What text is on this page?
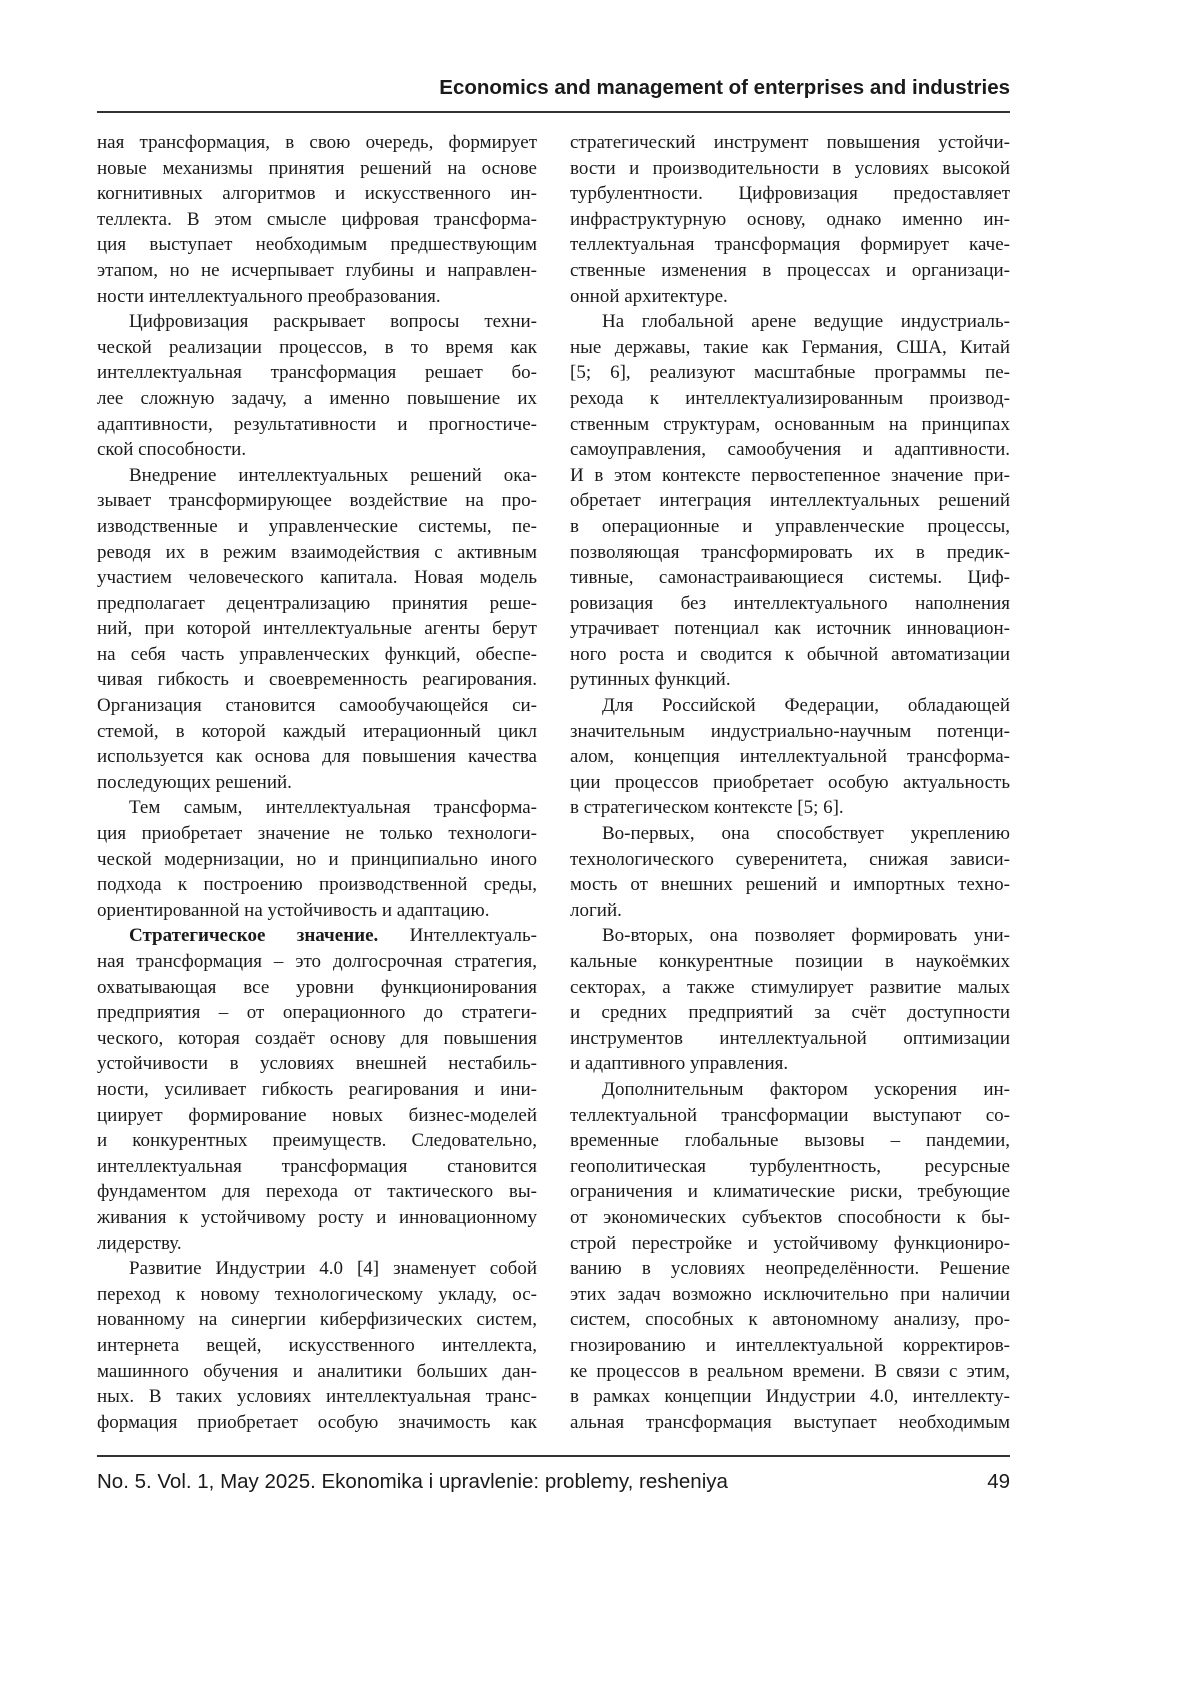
Economics and management of enterprises and industries
ная трансформация, в свою очередь, формирует
новые механизмы принятия решений на основе
когнитивных алгоритмов и искусственного ин-
теллекта. В этом смысле цифровая трансформа-
ция выступает необходимым предшествующим
этапом, но не исчерпывает глубины и направлен-
ности интеллектуального преобразования.
Цифровизация раскрывает вопросы техни-
ческой реализации процессов, в то время как
интеллектуальная трансформация решает бо-
лее сложную задачу, а именно повышение их
адаптивности, результативности и прогностиче-
ской способности.
Внедрение интеллектуальных решений ока-
зывает трансформирующее воздействие на про-
изводственные и управленческие системы, пе-
реводя их в режим взаимодействия с активным
участием человеческого капитала. Новая модель
предполагает децентрализацию принятия реше-
ний, при которой интеллектуальные агенты берут
на себя часть управленческих функций, обеспе-
чивая гибкость и своевременность реагирования.
Организация становится самообучающейся си-
стемой, в которой каждый итерационный цикл
используется как основа для повышения качества
последующих решений.
Тем самым, интеллектуальная трансформа-
ция приобретает значение не только технологи-
ческой модернизации, но и принципиально иного
подхода к построению производственной среды,
ориентированной на устойчивость и адаптацию.
Стратегическое значение. Интеллектуаль-
ная трансформация – это долгосрочная стратегия,
охватывающая все уровни функционирования
предприятия – от операционного до стратеги-
ческого, которая создаёт основу для повышения
устойчивости в условиях внешней нестабиль-
ности, усиливает гибкость реагирования и ини-
циирует формирование новых бизнес-моделей
и конкурентных преимуществ. Следовательно,
интеллектуальная трансформация становится
фундаментом для перехода от тактического вы-
живания к устойчивому росту и инновационному
лидерству.
Развитие Индустрии 4.0 [4] знаменует собой
переход к новому технологическому укладу, ос-
нованному на синергии киберфизических систем,
интернета вещей, искусственного интеллекта,
машинного обучения и аналитики больших дан-
ных. В таких условиях интеллектуальная транс-
формация приобретает особую значимость как
стратегический инструмент повышения устойчи-
вости и производительности в условиях высокой
турбулентности. Цифровизация предоставляет
инфраструктурную основу, однако именно ин-
теллектуальная трансформация формирует каче-
ственные изменения в процессах и организаци-
онной архитектуре.
На глобальной арене ведущие индустриаль-
ные державы, такие как Германия, США, Китай
[5; 6], реализуют масштабные программы пе-
рехода к интеллектуализированным производ-
ственным структурам, основанным на принципах
самоуправления, самообучения и адаптивности.
И в этом контексте первостепенное значение при-
обретает интеграция интеллектуальных решений
в операционные и управленческие процессы,
позволяющая трансформировать их в предик-
тивные, самонастраивающиеся системы. Циф-
ровизация без интеллектуального наполнения
утрачивает потенциал как источник инновацион-
ного роста и сводится к обычной автоматизации
рутинных функций.
Для Российской Федерации, обладающей
значительным индустриально-научным потенци-
алом, концепция интеллектуальной трансформа-
ции процессов приобретает особую актуальность
в стратегическом контексте [5; 6].
Во-первых, она способствует укреплению
технологического суверенитета, снижая зависи-
мость от внешних решений и импортных техно-
логий.
Во-вторых, она позволяет формировать уни-
кальные конкурентные позиции в наукоёмких
секторах, а также стимулирует развитие малых
и средних предприятий за счёт доступности
инструментов интеллектуальной оптимизации
и адаптивного управления.
Дополнительным фактором ускорения ин-
теллектуальной трансформации выступают со-
временные глобальные вызовы – пандемии,
геополитическая турбулентность, ресурсные
ограничения и климатические риски, требующие
от экономических субъектов способности к бы-
строй перестройке и устойчивому функциониро-
ванию в условиях неопределённости. Решение
этих задач возможно исключительно при наличии
систем, способных к автономному анализу, про-
гнозированию и интеллектуальной корректиров-
ке процессов в реальном времени. В связи с этим,
в рамках концепции Индустрии 4.0, интеллекту-
альная трансформация выступает необходимым
No. 5. Vol. 1, May 2025. Ekonomika i upravlenie: problemy, resheniya	49
